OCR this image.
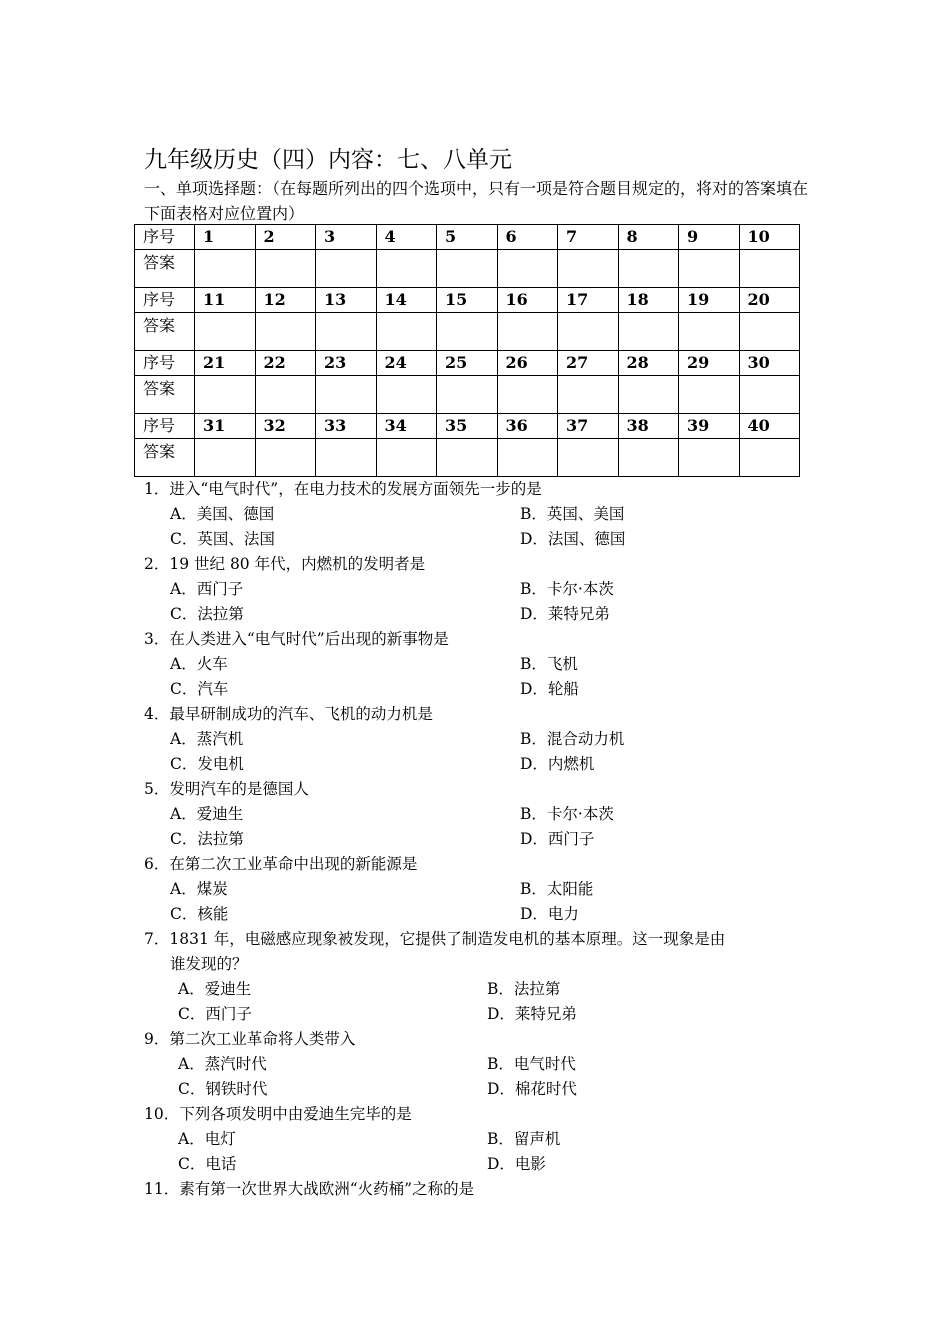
九年级历史（四）内容：七、八单元
一、单项选择题：（在每题所列出的四个选项中，只有一项是符合题目规定的，将对的答案填在下面表格对应位置内）
序号	1	2	3	4	5	6	7	8	9	10
答案										
序号	11	12	13	14	15	16	17	18	19	20
答案										
序号	21	22	23	24	25	26	27	28	29	30
答案										
序号	31	32	33	34	35	36	37	38	39	40
答案										
1．进入“电气时代”，在电力技术的发展方面领先一步的是
A．美国、德国	B．英国、美国
C．英国、法国	D．法国、德国
2．19 世纪 80 年代，内燃机的发明者是
A．西门子	B．卡尔·本茨
C．法拉第	D．莱特兄弟
3．在人类进入“电气时代”后出现的新事物是
A．火车	B．飞机
C．汽车	D．轮船
4．最早研制成功的汽车、飞机的动力机是
A．蒸汽机	B．混合动力机
C．发电机	D．内燃机
5．发明汽车的是德国人
A．爱迪生	B．卡尔·本茨
C．法拉第	D．西门子
6．在第二次工业革命中出现的新能源是
A．煤炭	B．太阳能
C．核能	D．电力
7．1831 年，电磁感应现象被发现，它提供了制造发电机的基本原理。这一现象是由
谁发现的？
A．爱迪生	B．法拉第
C．西门子	D．莱特兄弟
9．第二次工业革命将人类带入
A．蒸汽时代	B．电气时代
C．钢铁时代	D．棉花时代
10．下列各项发明中由爱迪生完毕的是
A．电灯	B．留声机
C．电话	D．电影
11．素有第一次世界大战欧洲“火药桶”之称的是
